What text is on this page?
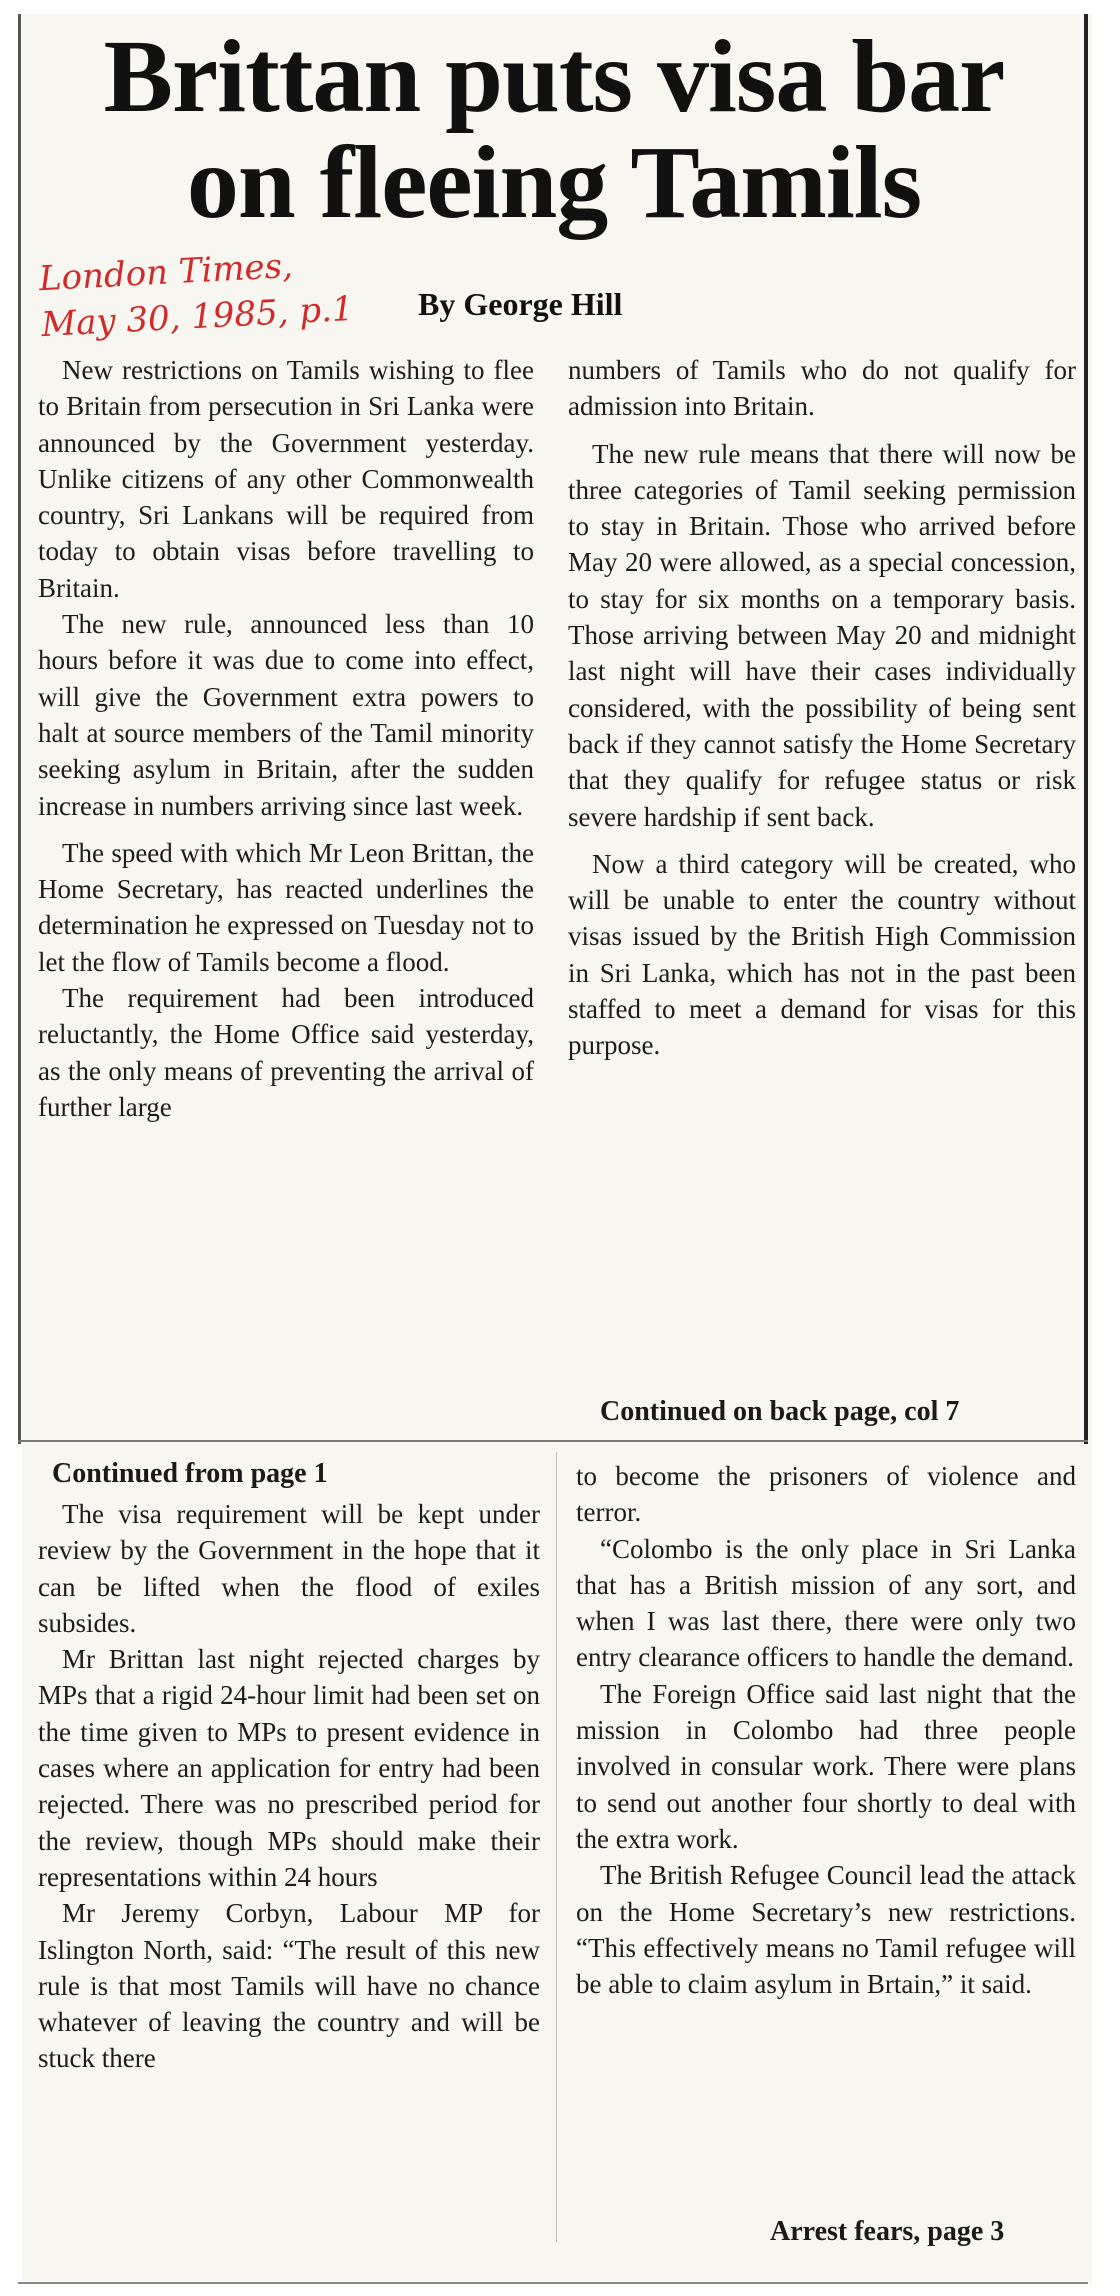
Brittan puts visa bar
on fleeing Tamils
London Times,
May 30, 1985, p.1	By George Hill

New restrictions on Tamils wishing to flee to Britain from persecution in Sri Lanka were announced by the Government yesterday. Unlike citizens of any other Commonwealth country, Sri Lankans will be required from today to obtain visas before travelling to Britain.

The new rule, announced less than 10 hours before it was due to come into effect, will give the Government extra powers to halt at source members of the Tamil minority seeking asylum in Britain, after the sudden increase in numbers arriving since last week.

The speed with which Mr Leon Brittan, the Home Secretary, has reacted underlines the determination he expressed on Tuesday not to let the flow of Tamils become a flood.

The requirement had been introduced reluctantly, the Home Office said yesterday, as the only means of preventing the arrival of further large

numbers of Tamils who do not qualify for admission into Britain.

The new rule means that there will now be three categories of Tamil seeking permission to stay in Britain. Those who arrived before May 20 were allowed, as a special concession, to stay for six months on a temporary basis. Those arriving between May 20 and midnight last night will have their cases individually considered, with the possibility of being sent back if they cannot satisfy the Home Secretary that they qualify for refugee status or risk severe hardship if sent back.

Now a third category will be created, who will be unable to enter the country without visas issued by the British High Commission in Sri Lanka, which has not in the past been staffed to meet a demand for visas for this purpose.

Continued on back page, col 7

Continued from page 1

The visa requirement will be kept under review by the Government in the hope that it can be lifted when the flood of exiles subsides.

Mr Brittan last night rejected charges by MPs that a rigid 24-hour limit had been set on the time given to MPs to present evidence in cases where an application for entry had been rejected. There was no prescribed period for the review, though MPs should make their representations within 24 hours

Mr Jeremy Corbyn, Labour MP for Islington North, said: “The result of this new rule is that most Tamils will have no chance whatever of leaving the country and will be stuck there

to become the prisoners of violence and terror.

“Colombo is the only place in Sri Lanka that has a British mission of any sort, and when I was last there, there were only two entry clearance officers to handle the demand.

The Foreign Office said last night that the mission in Colombo had three people involved in consular work. There were plans to send out another four shortly to deal with the extra work.

The British Refugee Council lead the attack on the Home Secretary’s new restrictions. “This effectively means no Tamil refugee will be able to claim asylum in Brtain,” it said.

Arrest fears, page 3
